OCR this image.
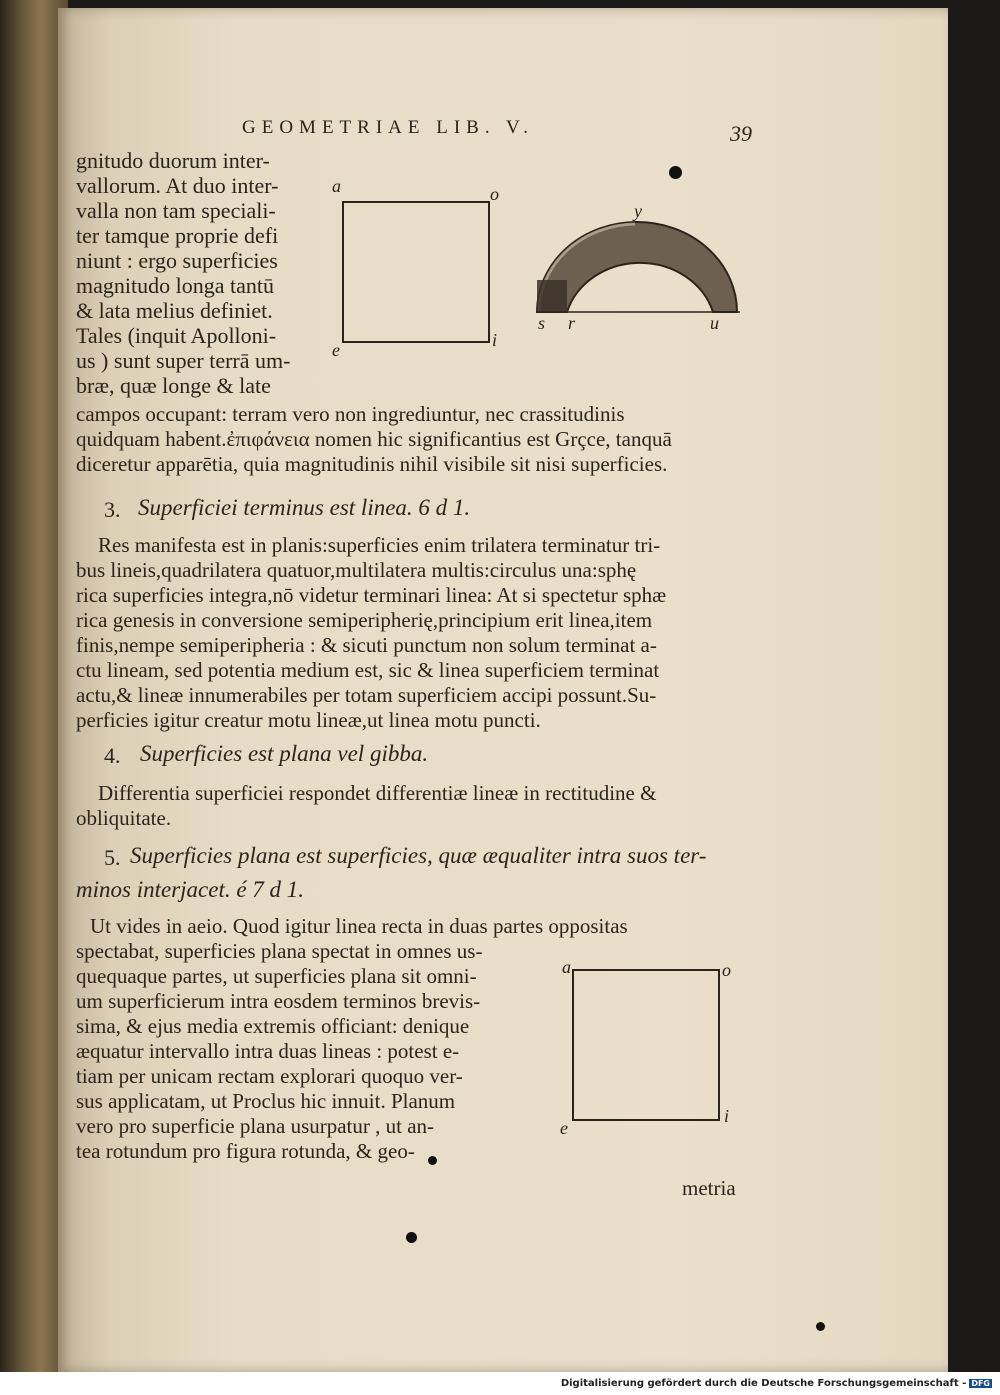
GEOMETRIAE LIB. V.	39
gnitudo duorum inter-
vallorum. At duo inter-
valla non tam speciali-
ter tamque proprie defi
niunt : ergo superficies
magnitudo longa tantū
& lata melius definiet.
Tales (inquit Apolloni-
us ) sunt super terrā um-
bræ, quæ longe & late
campos occupant: terram vero non ingrediuntur, nec crassitudinis
quidquam habent.ἐπιφάνεια nomen hic significantius est Grçce, tanquā
diceretur apparētia, quia magnitudinis nihil visibile sit nisi superficies.
a	o
e	i
y
s r	u
3. Superficiei terminus est linea. 6 d 1.
Res manifesta est in planis:superficies enim trilatera terminatur tri-
bus lineis,quadrilatera quatuor,multilatera multis:circulus una:sphę
rica superficies integra,nō videtur terminari linea: At si spectetur sphæ
rica genesis in conversione semiperipherię,principium erit linea,item
finis,nempe semiperipheria : & sicuti punctum non solum terminat a-
ctu lineam, sed potentia medium est, sic & linea superficiem terminat
actu,& lineæ innumerabiles per totam superficiem accipi possunt.Su-
perficies igitur creatur motu lineæ,ut linea motu puncti.
4. Superficies est plana vel gibba.
Differentia superficiei respondet differentiæ lineæ in rectitudine &
obliquitate.
5. Superficies plana est superficies, quæ æqualiter intra suos ter-
minos interjacet. é 7 d 1.
Ut vides in aeio. Quod igitur linea recta in duas partes oppositas
spectabat, superficies plana spectat in omnes us-
quequaque partes, ut superficies plana sit omni-
um superficierum intra eosdem terminos brevis-
sima, & ejus media extremis officiant: denique
æquatur intervallo intra duas lineas : potest e-
tiam per unicam rectam explorari quoquo ver-
sus applicatam, ut Proclus hic innuit. Planum
vero pro superficie plana usurpatur , ut an-
tea rotundum pro figura rotunda, & geo-
a	o
e
i
metria
Digitalisierung gefördert durch die Deutsche Forschungsgemeinschaft - DFG
